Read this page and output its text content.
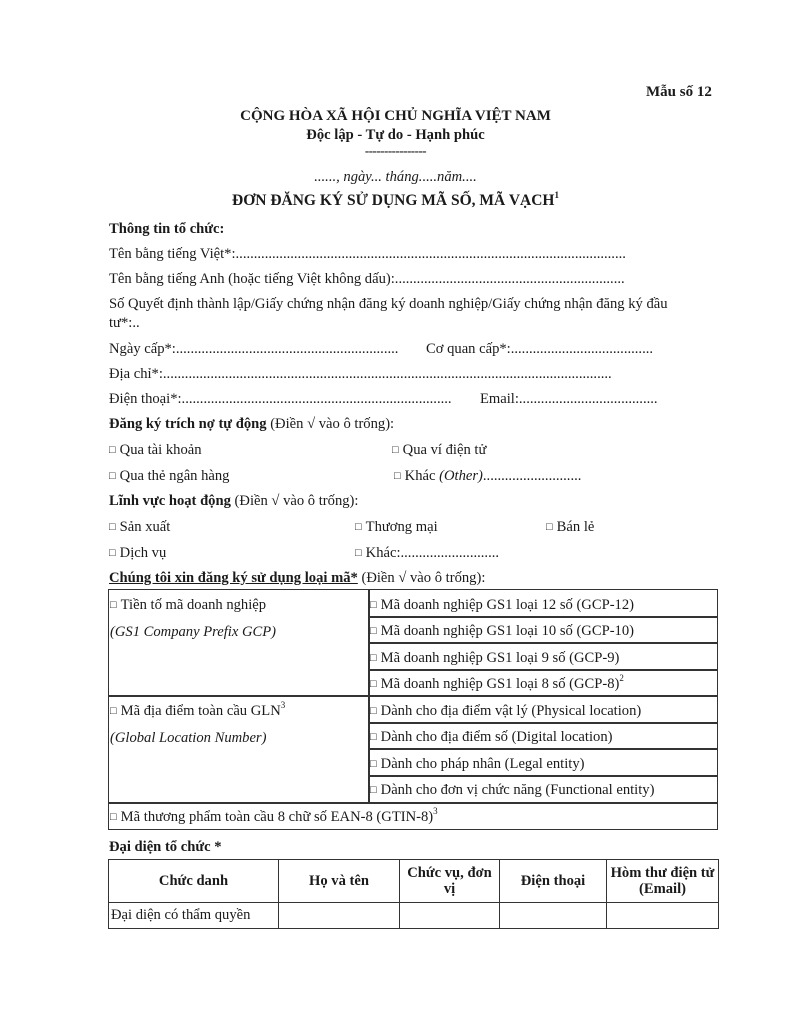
Mẫu số 12
CỘNG HÒA XÃ HỘI CHỦ NGHĨA VIỆT NAM
Độc lập - Tự do - Hạnh phúc
----------------
......, ngày... tháng.....năm....
ĐƠN ĐĂNG KÝ SỬ DỤNG MÃ SỐ, MÃ VẠCH$^1$
Thông tin tổ chức:
Tên bằng tiếng Việt*:...........................................................................................................
Tên bằng tiếng Anh (hoặc tiếng Việt không dấu):...............................................................
Số Quyết định thành lập/Giấy chứng nhận đăng ký doanh nghiệp/Giấy chứng nhận đăng ký đầu
tư*:..
Ngày cấp*:............................................................. Cơ quan cấp*:.......................................
Địa chỉ*:...........................................................................................................................
Điện thoại*:.......................................................................... Email:......................................
Đăng ký trích nợ tự động (Điền √ vào ô trống):
□ Qua tài khoản	□ Qua ví điện tử
□ Qua thẻ ngân hàng	□ Khác (Other)...........................
Lĩnh vực hoạt động (Điền √ vào ô trống):
□ Sản xuất	□ Thương mại	□ Bán lẻ
□ Dịch vụ	□ Khác:...........................
Chúng tôi xin đăng ký sử dụng loại mã* (Điền √ vào ô trống):
□ Tiền tố mã doanh nghiệp
(GS1 Company Prefix GCP)
□ Mã doanh nghiệp GS1 loại 12 số (GCP-12)
□ Mã doanh nghiệp GS1 loại 10 số (GCP-10)
□ Mã doanh nghiệp GS1 loại 9 số (GCP-9)
□ Mã doanh nghiệp GS1 loại 8 số $(GCP-8)^2$
□ Mã địa điểm toàn cầu GLN$^3$
(Global Location Number)
□ Dành cho địa điểm vật lý (Physical location)
□ Dành cho địa điểm số (Digital location)
□ Dành cho pháp nhân (Legal entity)
□ Dành cho đơn vị chức năng (Functional entity)
□ Mã thương phẩm toàn cầu 8 chữ số EAN-8 (GTIN-8)$^3$
Đại diện tổ chức *
Chức danh	Họ và tên	Chức vụ, đơn vị	Điện thoại	Hòm thư điện tử (Email)
Đại diện có thẩm quyền				
